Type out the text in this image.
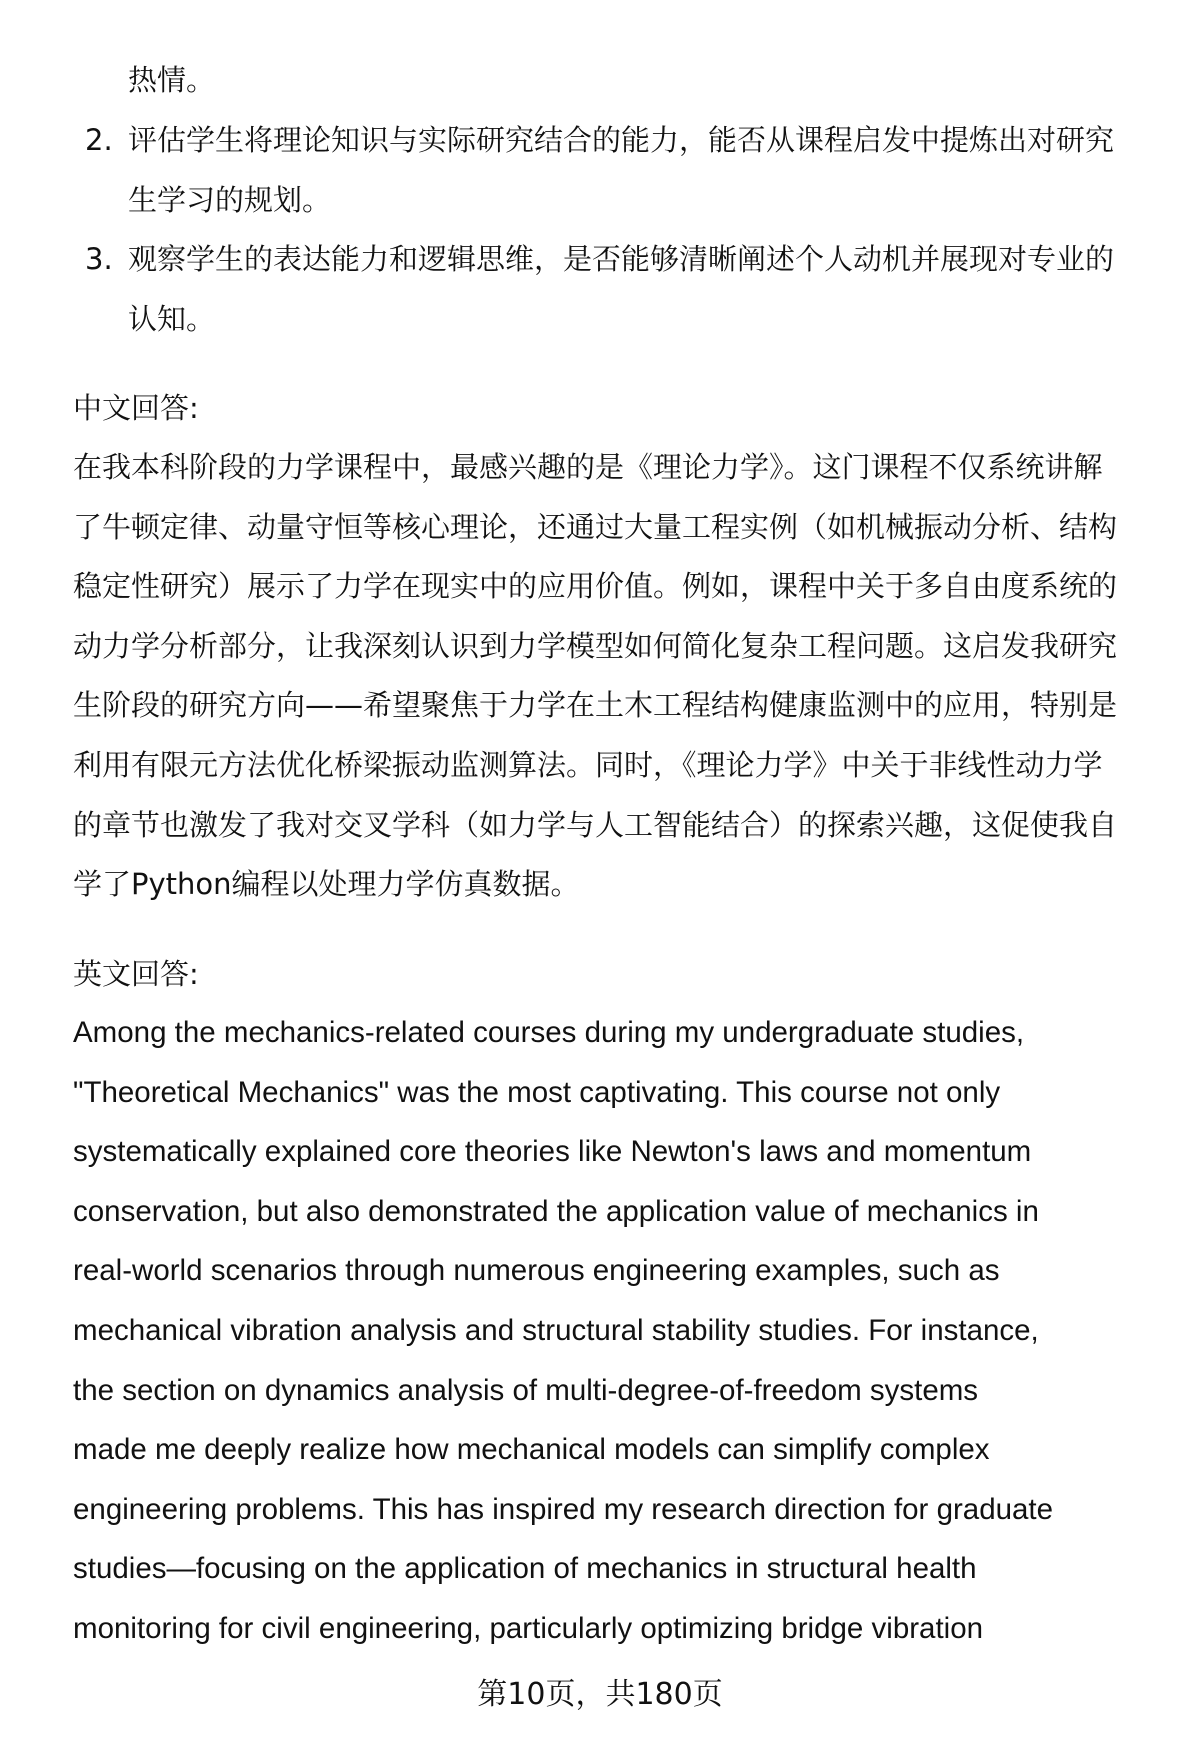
热情。
2. 评估学生将理论知识与实际研究结合的能力，能否从课程启发中提炼出对研究
生学习的规划。
3. 观察学生的表达能力和逻辑思维，是否能够清晰阐述个人动机并展现对专业的
认知。
中文回答:
在我本科阶段的力学课程中，最感兴趣的是《理论力学》。这门课程不仅系统讲解
了牛顿定律、动量守恒等核心理论，还通过大量工程实例（如机械振动分析、结构
稳定性研究）展示了力学在现实中的应用价值。例如，课程中关于多自由度系统的
动力学分析部分，让我深刻认识到力学模型如何简化复杂工程问题。这启发我研究
生阶段的研究方向——希望聚焦于力学在土木工程结构健康监测中的应用，特别是
利用有限元方法优化桥梁振动监测算法。同时，《理论力学》中关于非线性动力学
的章节也激发了我对交叉学科（如力学与人工智能结合）的探索兴趣，这促使我自
学了Python编程以处理力学仿真数据。
英文回答:
Among the mechanics-related courses during my undergraduate studies,
"Theoretical Mechanics" was the most captivating. This course not only
systematically explained core theories like Newton's laws and momentum
conservation, but also demonstrated the application value of mechanics in
real-world scenarios through numerous engineering examples, such as
mechanical vibration analysis and structural stability studies. For instance,
the section on dynamics analysis of multi-degree-of-freedom systems
made me deeply realize how mechanical models can simplify complex
engineering problems. This has inspired my research direction for graduate
studies—focusing on the application of mechanics in structural health
monitoring for civil engineering, particularly optimizing bridge vibration
第10页，共180页
